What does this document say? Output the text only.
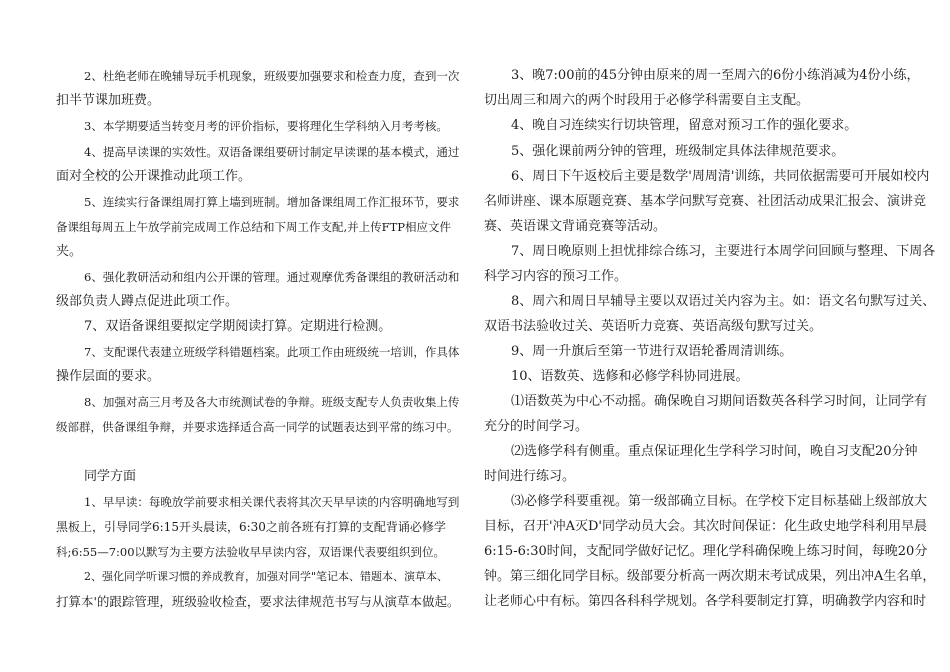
2、杜绝老师在晚辅导玩手机现象，班级要加强要求和检查力度，查到一次

扣半节课加班费。

3、本学期要适当转变月考的评价指标，要将理化生学科纳入月考考核。

4、提高早读课的实效性。双语备课组要研讨制定早读课的基本模式，通过

面对全校的公开课推动此项工作。

5、连续实行备课组周打算上墙到班制。增加备课组周工作汇报环节，要求

备课组每周五上午放学前完成周工作总结和下周工作支配,并上传FTP相应文件

夹。

6、强化教研活动和组内公开课的管理。通过观摩优秀备课组的教研活动和

级部负责人蹲点促进此项工作。

7、双语备课组要拟定学期阅读打算。定期进行检测。

7、支配课代表建立班级学科错题档案。此项工作由班级统一培训，作具体

操作层面的要求。

8、加强对高三月考及各大市统测试卷的争辩。班级支配专人负责收集上传

级部群，供备课组争辩，并要求选择适合高一同学的试题表达到平常的练习中。

同学方面

1、早早读：每晚放学前要求相关课代表将其次天早早读的内容明确地写到

黑板上，引导同学6:15开头晨读，6:30之前各班有打算的支配背诵必修学

科;6:55—7:00以默写为主要方法验收早早读内容，双语课代表要组织到位。

2、强化同学听课习惯的养成教育，加强对同学"笔记本、错题本、演草本、

打算本'的跟踪管理，班级验收检查，要求法律规范书写与从演草本做起。

3、晚7:00前的45分钟由原来的周一至周六的6份小练消减为4份小练，

切出周三和周六的两个时段用于必修学科需要自主支配。

4、晚自习连续实行切块管理，留意对预习工作的强化要求。

5、强化课前两分钟的管理，班级制定具体法律规范要求。

6、周日下午返校后主要是数学'周周清'训练，共同依据需要可开展如校内

名师讲座、课本原题竞赛、基本学问默写竞赛、社团活动成果汇报会、演讲竞

赛、英语课文背诵竞赛等活动。

7、周日晚原则上担忧排综合练习，主要进行本周学问回顾与整理、下周各

科学习内容的预习工作。

8、周六和周日早辅导主要以双语过关内容为主。如：语文名句默写过关、

双语书法验收过关、英语听力竞赛、英语高级句默写过关。

9、周一升旗后至第一节进行双语轮番周清训练。

10、语数英、选修和必修学科协同进展。

⑴语数英为中心不动摇。确保晚自习期间语数英各科学习时间，让同学有

充分的时间学习。

⑵选修学科有侧重。重点保证理化生学科学习时间，晚自习支配20分钟

时间进行练习。

⑶必修学科要重视。第一级部确立目标。在学校下定目标基础上级部放大

目标，召开'冲A灭D'同学动员大会。其次时间保证：化生政史地学科利用早晨

6:15-6:30时间，支配同学做好记忆。理化学科确保晚上练习时间，每晚20分

钟。第三细化同学目标。级部要分析高一两次期末考试成果，列出冲A生名单，

让老师心中有标。第四各科科学规划。各学科要制定打算，明确教学内容和时
